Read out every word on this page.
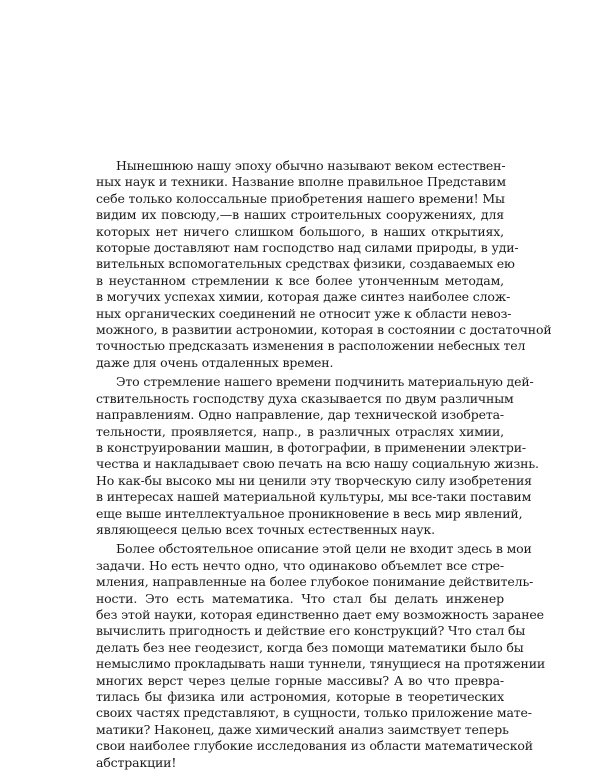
Нынешнюю нашу эпоху обычно называют веком естествен-
ных наук и техники. Название вполне правильное Представим
себе только колоссальные приобретения нашего времени! Мы
видим их повсюду,—в наших строительных сооружениях, для
которых нет ничего слишком большого, в наших открытиях,
которые доставляют нам господство над силами природы, в уди-
вительных вспомогательных средствах физики, создаваемых ею
в неустанном стремлении к все более утонченным методам,
в могучих успехах химии, которая даже синтез наиболее слож-
ных органических соединений не относит уже к области невоз-
можного, в развитии астрономии, которая в состоянии с достаточной
точностью предсказать изменения в расположении небесных тел
даже для очень отдаленных времен.
Это стремление нашего времени подчинить материальную дей-
ствительность господству духа сказывается по двум различным
направлениям. Одно направление, дар технической изобрета-
тельности, проявляется, напр., в различных отраслях химии,
в конструировании машин, в фотографии, в применении электри-
чества и накладывает свою печать на всю нашу социальную жизнь.
Но как-бы высоко мы ни ценили эту творческую силу изобретения
в интересах нашей материальной культуры, мы все-таки поставим
еще выше интеллектуальное проникновение в весь мир явлений,
являющееся целью всех точных естественных наук.
Более обстоятельное описание этой цели не входит здесь в мои
задачи. Но есть нечто одно, что одинаково объемлет все стре-
мления, направленные на более глубокое понимание действитель-
ности. Это есть математика. Что стал бы делать инженер
без этой науки, которая единственно дает ему возможность заранее
вычислить пригодность и действие его конструкций? Что стал бы
делать без нее геодезист, когда без помощи математики было бы
немыслимо прокладывать наши туннели, тянущиеся на протяжении
многих верст через целые горные массивы? А во что превра-
тилась бы физика или астрономия, которые в теоретических
своих частях представляют, в сущности, только приложение мате-
матики? Наконец, даже химический анализ заимствует теперь
свои наиболее глубокие исследования из области математической
абстракции!
